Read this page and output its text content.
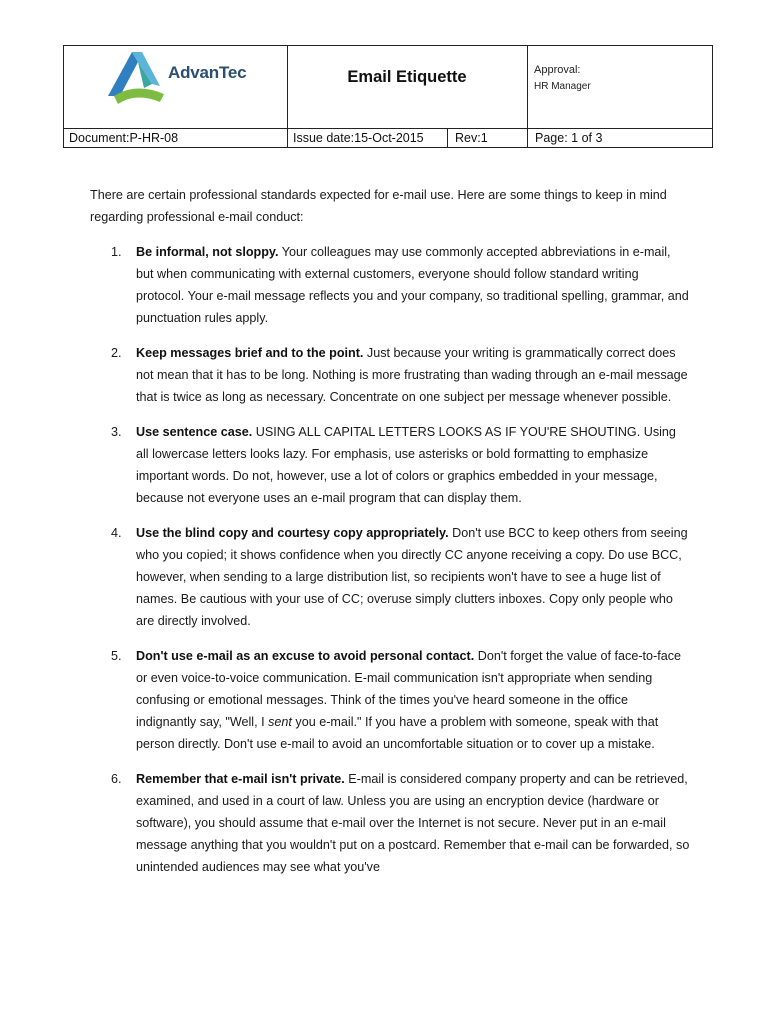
AdvanTec	Email Etiquette	Approval:
HR Manager
Document:P-HR-08	Issue date:15-Oct-2015	Rev:1	Page: 1 of 3

There are certain professional standards expected for e-mail use. Here are some things to keep in mind regarding professional e-mail conduct:

1. Be informal, not sloppy. Your colleagues may use commonly accepted abbreviations in e-mail, but when communicating with external customers, everyone should follow standard writing protocol. Your e-mail message reflects you and your company, so traditional spelling, grammar, and punctuation rules apply.
2. Keep messages brief and to the point. Just because your writing is grammatically correct does not mean that it has to be long. Nothing is more frustrating than wading through an e-mail message that is twice as long as necessary. Concentrate on one subject per message whenever possible.
3. Use sentence case. USING ALL CAPITAL LETTERS LOOKS AS IF YOU'RE SHOUTING. Using all lowercase letters looks lazy. For emphasis, use asterisks or bold formatting to emphasize important words. Do not, however, use a lot of colors or graphics embedded in your message, because not everyone uses an e-mail program that can display them.
4. Use the blind copy and courtesy copy appropriately. Don't use BCC to keep others from seeing who you copied; it shows confidence when you directly CC anyone receiving a copy. Do use BCC, however, when sending to a large distribution list, so recipients won't have to see a huge list of names. Be cautious with your use of CC; overuse simply clutters inboxes. Copy only people who are directly involved.
5. Don't use e-mail as an excuse to avoid personal contact. Don't forget the value of face-to-face or even voice-to-voice communication. E-mail communication isn't appropriate when sending confusing or emotional messages. Think of the times you've heard someone in the office indignantly say, "Well, I sent you e-mail." If you have a problem with someone, speak with that person directly. Don't use e-mail to avoid an uncomfortable situation or to cover up a mistake.
6. Remember that e-mail isn't private. E-mail is considered company property and can be retrieved, examined, and used in a court of law. Unless you are using an encryption device (hardware or software), you should assume that e-mail over the Internet is not secure. Never put in an e-mail message anything that you wouldn't put on a postcard. Remember that e-mail can be forwarded, so unintended audiences may see what you've
